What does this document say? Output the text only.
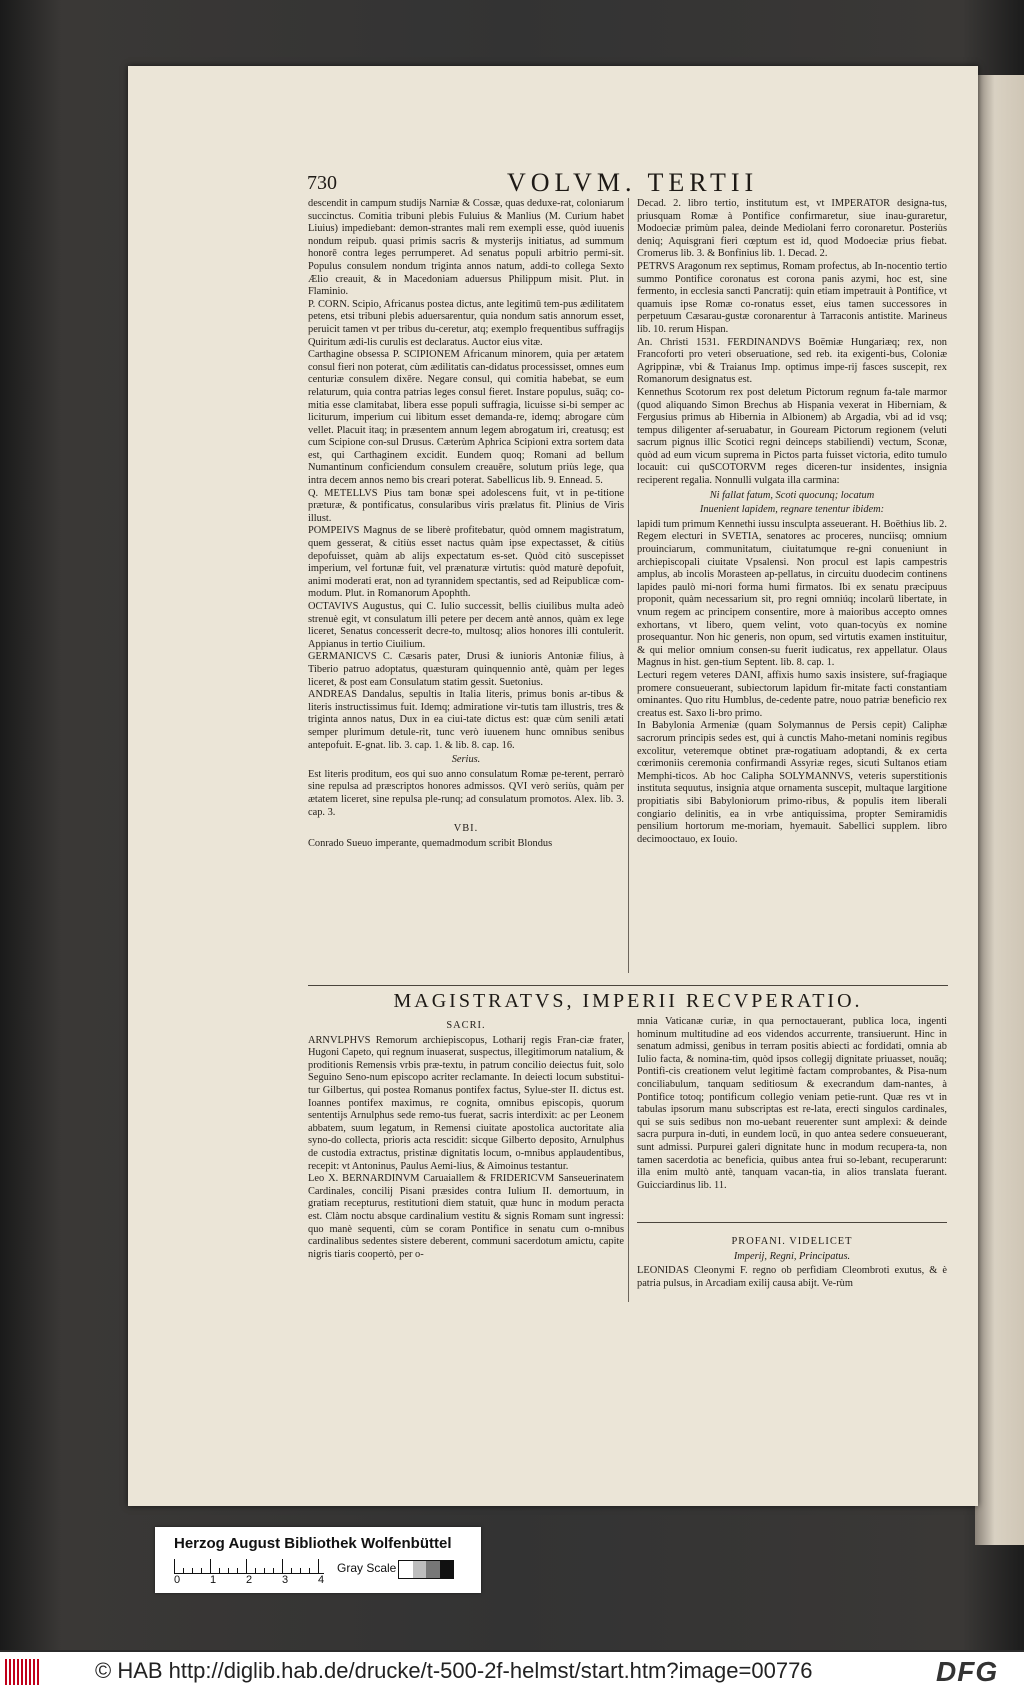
730	VOLVM. TERTII

descendit in campum studijs Narniæ & Cossæ, quas deduxe-rat, coloniarum succinctus. Comitia tribuni plebis Fuluius & Manlius (M. Curium habet Liuius) impediebant: demon-strantes mali rem exempli esse, quòd iuuenis nondum reipub. quasi primis sacris & mysterijs initiatus, ad summum honorē contra leges perrumperet. Ad senatus populi arbitrio permi-sit. Populus consulem nondum triginta annos natum, addi-to collega Sexto Ælio creauit, & in Macedoniam aduersus Philippum misit. Plut. in Flaminio.

P. CORN. Scipio, Africanus postea dictus, ante legitimū tem-pus ædilitatem petens, etsi tribuni plebis aduersarentur, quia nondum satis annorum esset, peruicit tamen vt per tribus du-ceretur, atq; exemplo frequentibus suffragijs Quiritum ædi-lis curulis est declaratus. Auctor eius vitæ.

Carthagine obsessa P. SCIPIONEM Africanum minorem, quia per ætatem consul fieri non poterat, cùm ædilitatis can-didatus processisset, omnes eum centuriæ consulem dixēre. Negare consul, qui comitia habebat, se eum relaturum, quia contra patrias leges consul fieret. Instare populus, suāq; co-mitia esse clamitabat, libera esse populi suffragia, licuisse si-bi semper ac liciturum, imperium cui libitum esset demanda-re, idemq; abrogare cùm vellet. Placuit itaq; in præsentem annum legem abrogatum iri, creatusq; est cum Scipione con-sul Drusus. Cæterùm Aphrica Scipioni extra sortem data est, qui Carthaginem excidit. Eundem quoq; Romani ad bellum Numantinum conficiendum consulem creauēre, solutum priùs lege, qua intra decem annos nemo bis creari poterat. Sabellicus lib. 9. Ennead. 5.

Q. METELLVS Pius tam bonæ spei adolescens fuit, vt in pe-titione præturæ, & pontificatus, consularibus viris prælatus fit. Plinius de Viris illust.

POMPEIVS Magnus de se liberè profitebatur, quòd omnem magistratum, quem gesserat, & citiùs esset nactus quàm ipse expectasset, & citiùs depofuisset, quàm ab alijs expectatum es-set. Quòd citò suscepisset imperium, vel fortunæ fuit, vel prænaturæ virtutis: quòd maturè depofuit, animi moderati erat, non ad tyrannidem spectantis, sed ad Reipublicæ com-modum. Plut. in Romanorum Apophth.

OCTAVIVS Augustus, qui C. Iulio successit, bellis ciuilibus multa adeò strenuè egit, vt consulatum illi petere per decem antè annos, quàm ex lege liceret, Senatus concesserit decre-to, multosq; alios honores illi contulerit. Appianus in tertio Ciuilium.

GERMANICVS C. Cæsaris pater, Drusi & iunioris Antoniæ filius, à Tiberio patruo adoptatus, quæsturam quinquennio antè, quàm per leges liceret, & post eam Consulatum statim gessit. Suetonius.

ANDREAS Dandalus, sepultis in Italia literis, primus bonis ar-tibus & literis instructissimus fuit. Idemq; admiratione vir-tutis tam illustris, tres & triginta annos natus, Dux in ea ciui-tate dictus est: quæ cùm senili ætati semper plurimum detule-rit, tunc verò iuuenem hunc omnibus senibus antepofuit. E-gnat. lib. 3. cap. 1. & lib. 8. cap. 16.

Serius.

Est literis proditum, eos qui suo anno consulatum Romæ pe-terent, perrarò sine repulsa ad præscriptos honores admissos. QVI verò seriùs, quàm per ætatem liceret, sine repulsa ple-runq; ad consulatum promotos. Alex. lib. 3. cap. 3.

VBI.

Conrado Sueuo imperante, quemadmodum scribit Blondus

Decad. 2. libro tertio, institutum est, vt IMPERATOR designa-tus, priusquam Romæ à Pontifice confirmaretur, siue inau-guraretur, Modoeciæ primùm palea, deinde Mediolani ferro coronaretur. Posteriùs deniq; Aquisgrani fieri cœptum est id, quod Modoeciæ prius fiebat. Cromerus lib. 3. & Bonfinius lib. 1. Decad. 2.

PETRVS Aragonum rex septimus, Romam profectus, ab In-nocentio tertio summo Pontifice coronatus est corona panis azymi, hoc est, sine fermento, in ecclesia sancti Pancratij: quin etiam impetrauit à Pontifice, vt quamuis ipse Romæ co-ronatus esset, eius tamen successores in perpetuum Cæsarau-gustæ coronarentur à Tarraconis antistite. Marineus lib. 10. rerum Hispan.

An. Christi 1531. FERDINANDVS Boëmiæ Hungariæq; rex, non Francoforti pro veteri obseruatione, sed reb. ita exigenti-bus, Coloniæ Agrippinæ, vbi & Traianus Imp. optimus impe-rij fasces suscepit, rex Romanorum designatus est.

Kennethus Scotorum rex post deletum Pictorum regnum fa-tale marmor (quod aliquando Simon Brechus ab Hispania vexerat in Hiberniam, & Fergusius primus ab Hibernia in Albionem) ab Argadia, vbi ad id vsq; tempus diligenter af-seruabatur, in Gouream Pictorum regionem (veluti sacrum pignus illic Scotici regni deinceps stabiliendi) vectum, Sconæ, quòd ad eum vicum suprema in Pictos parta fuisset victoria, edito tumulo locauit: cui quSCOTORVM reges diceren-tur insidentes, insignia reciperent regalia. Nonnulli vulgata illa carmina:

Ni fallat fatum, Scoti quocunq; locatum

Inuenient lapidem, regnare tenentur ibidem:

lapidi tum primum Kennethi iussu insculpta asseuerant. H. Boëthius lib. 2.

Regem electuri in SVETIA, senatores ac proceres, nunciisq; omnium prouinciarum, communitatum, ciuitatumque re-gni conueniunt in archiepiscopali ciuitate Vpsalensi. Non procul est lapis campestris amplus, ab incolis Morasteen ap-pellatus, in circuitu duodecim continens lapides paulò mi-nori forma humi firmatos. Ibi ex senatu præcipuus proponit, quàm necessarium sit, pro regni omniúq; incolarū libertate, in vnum regem ac principem consentire, more à maioribus accepto omnes exhortans, vt libero, quem velint, voto quan-tocyùs ex nomine prosequantur. Non hic generis, non opum, sed virtutis examen instituitur, & qui melior omnium consen-su fuerit iudicatus, rex appellatur. Olaus Magnus in hist. gen-tium Septent. lib. 8. cap. 1.

Lecturi regem veteres DANI, affixis humo saxis insistere, suf-fragiaque promere consueuerant, subiectorum lapidum fir-mitate facti constantiam ominantes. Quo ritu Humblus, de-cedente patre, nouo patriæ beneficio rex creatus est. Saxo li-bro primo.

In Babylonia Armeniæ (quam Solymannus de Persis cepit) Caliphæ sacrorum principis sedes est, qui à cunctis Maho-metani nominis regibus excolitur, veteremque obtinet præ-rogatiuam adoptandi, & ex certa cœrimoniis ceremonia confirmandi Assyriæ reges, sicuti Sultanos etiam Memphi-ticos. Ab hoc Calipha SOLYMANNVS, veteris superstitionis instituta sequutus, insignia atque ornamenta suscepit, multaque largitione propitiatis sibi Babyloniorum primo-ribus, & populis item liberali congiario delinitis, ea in vrbe antiquissima, propter Semiramidis pensilium hortorum me-moriam, hyemauit. Sabellici supplem. libro decimooctauo, ex Iouio.

MAGISTRATVS, IMPERII RECVPERATIO.

SACRI.

ARNVLPHVS Remorum archiepiscopus, Lotharij regis Fran-ciæ frater, Hugoni Capeto, qui regnum inuaserat, suspectus, illegitimorum natalium, & proditionis Remensis vrbis præ-textu, in patrum concilio deiectus fuit, solo Seguino Seno-num episcopo acriter reclamante. In deiecti locum substitui-tur Gilbertus, qui postea Romanus pontifex factus, Sylue-ster II. dictus est. Ioannes pontifex maximus, re cognita, omnibus episcopis, quorum sententijs Arnulphus sede remo-tus fuerat, sacris interdixit: ac per Leonem abbatem, suum legatum, in Remensi ciuitate apostolica auctoritate alia syno-do collecta, prioris acta rescidit: sicque Gilberto deposito, Arnulphus de custodia extractus, pristinæ dignitatis locum, o-mnibus applaudentibus, recepit: vt Antoninus, Paulus Aemi-lius, & Aimoinus testantur.

Leo X. BERNARDINVM Caruaiallem & FRIDERICVM Sanseuerinatem Cardinales, concilij Pisani præsides contra Iulium II. demortuum, in gratiam recepturus, restitutioni diem statuit, quæ hunc in modum peracta est. Clàm noctu absque cardinalium vestitu & signis Romam sunt ingressi: quo manè sequenti, cùm se coram Pontifice in senatu cum o-mnibus cardinalibus sedentes sistere deberent, communi sacerdotum amictu, capite nigris tiaris coopertò, per o-

mnia Vaticanæ curiæ, in qua pernoctauerant, publica loca, ingenti hominum multitudine ad eos videndos accurrente, transiuerunt. Hinc in senatum admissi, genibus in terram positis abiecti ac fordidati, omnia ab Iulio facta, & nomina-tim, quòd ipsos collegij dignitate priuasset, nouāq; Pontifi-cis creationem velut legitimè factam comprobantes, & Pisa-num conciliabulum, tanquam seditiosum & execrandum dam-nantes, à Pontifice totoq; pontificum collegio veniam petie-runt. Quæ res vt in tabulas ipsorum manu subscriptas est re-lata, erecti singulos cardinales, qui se suis sedibus non mo-uebant reuerenter sunt amplexi: & deinde sacra purpura in-duti, in eundem locū, in quo antea sedere consueuerant, sunt admissi. Purpurei galeri dignitate hunc in modum recupera-ta, non tamen sacerdotia ac beneficia, quibus antea frui so-lebant, recuperarunt: illa enim multò antè, tanquam vacan-tia, in alios translata fuerant. Guicciardinus lib. 11.

PROFANI. VIDELICET

Imperij, Regni, Principatus.

LEONIDAS Cleonymi F. regno ob perfidiam Cleombroti exutus, & è patria pulsus, in Arcadiam exilij causa abijt. Ve-rùm

Herzog August Bibliothek Wolfenbüttel
0	1	2	3	4
Gray Scale
© HAB http://diglib.hab.de/drucke/t-500-2f-helmst/start.htm?image=00776	DFG
